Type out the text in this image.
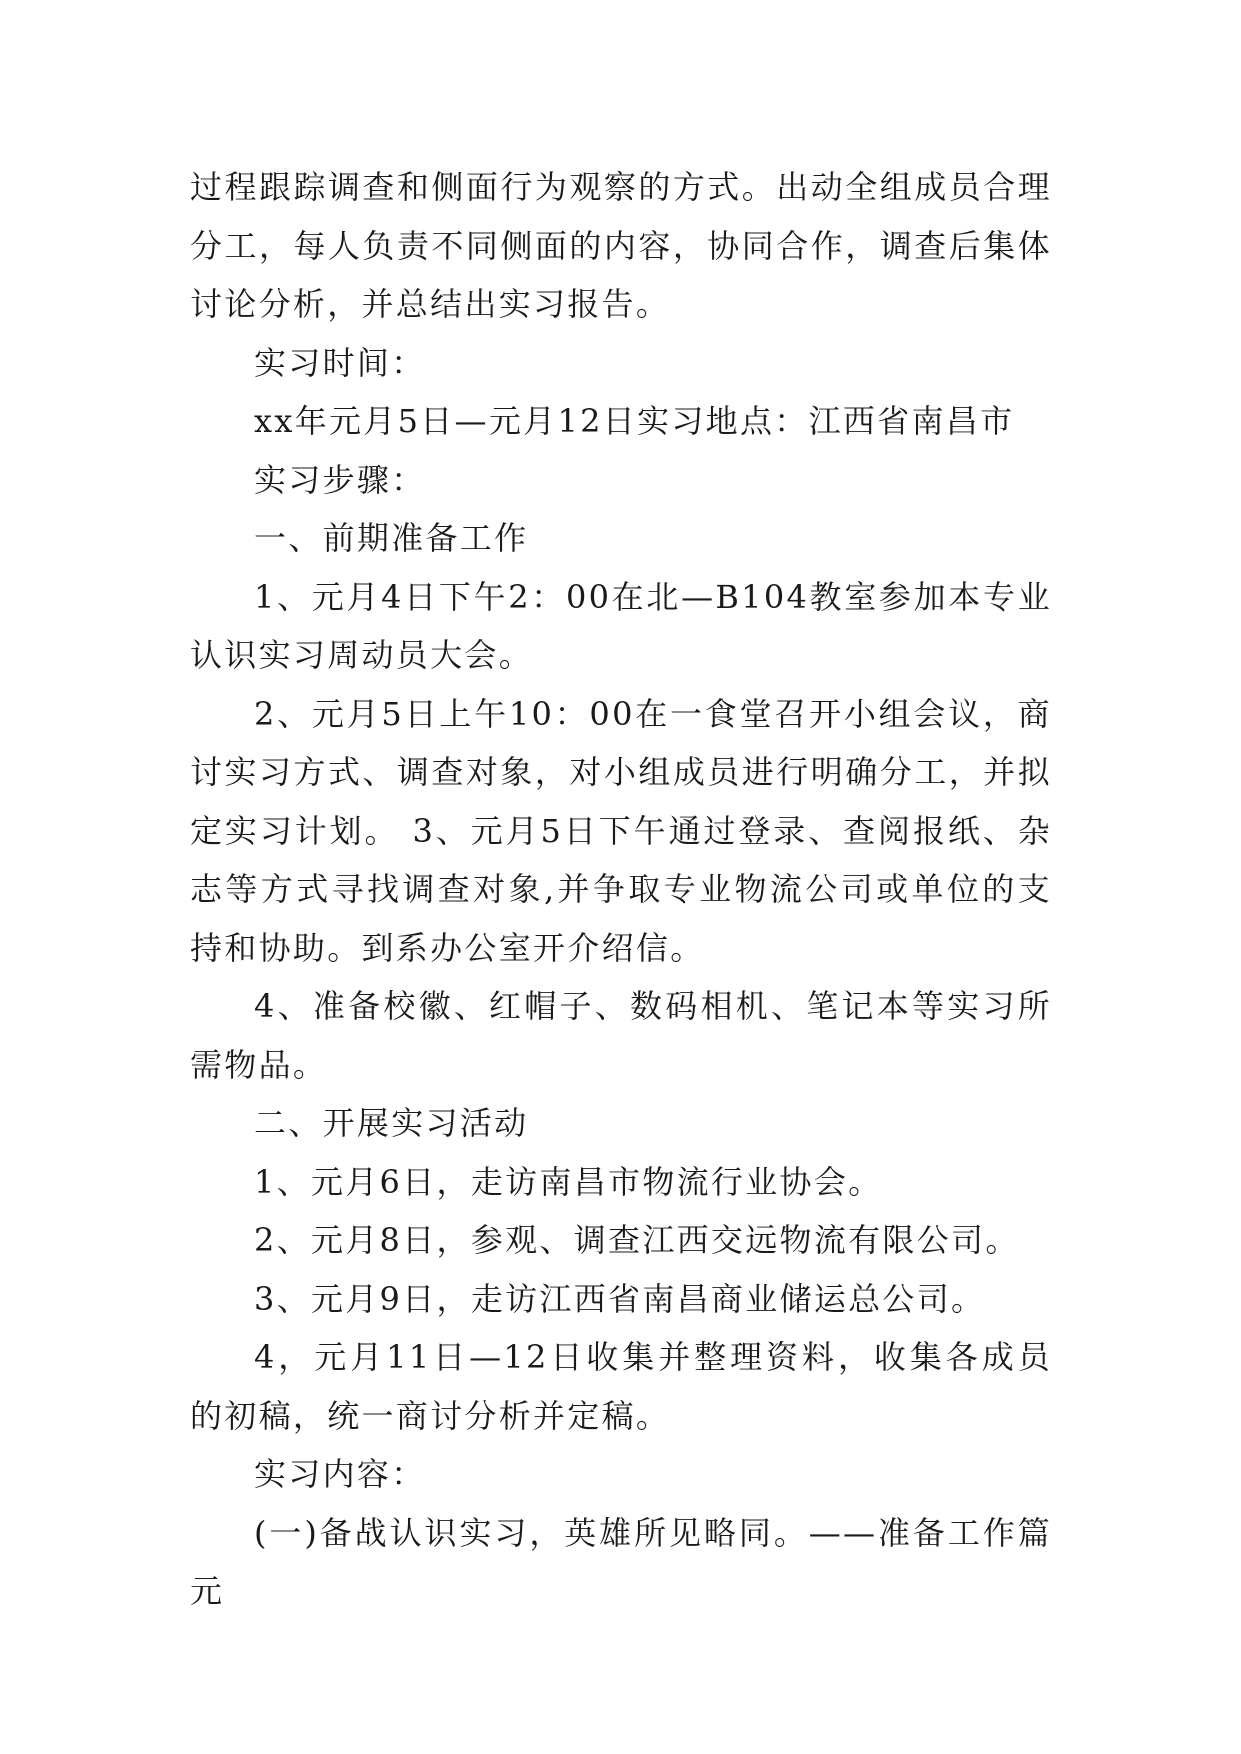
过程跟踪调查和侧面行为观察的方式。出动全组成员合理分工，每人负责不同侧面的内容，协同合作，调查后集体讨论分析，并总结出实习报告。

实习时间：

xx年元月5日—元月12日实习地点：江西省南昌市

实习步骤：

一、前期准备工作

1、元月4日下午2：00在北—B104教室参加本专业认识实习周动员大会。

2、元月5日上午10：00在一食堂召开小组会议，商讨实习方式、调查对象，对小组成员进行明确分工，并拟定实习计划。 3、元月5日下午通过登录、查阅报纸、杂志等方式寻找调查对象,并争取专业物流公司或单位的支持和协助。到系办公室开介绍信。

4、准备校徽、红帽子、数码相机、笔记本等实习所需物品。

二、开展实习活动

1、元月6日，走访南昌市物流行业协会。

2、元月8日，参观、调查江西交远物流有限公司。

3、元月9日，走访江西省南昌商业储运总公司。

4，元月11日—12日收集并整理资料，收集各成员的初稿，统一商讨分析并定稿。

实习内容：

(一)备战认识实习，英雄所见略同。——准备工作篇元
